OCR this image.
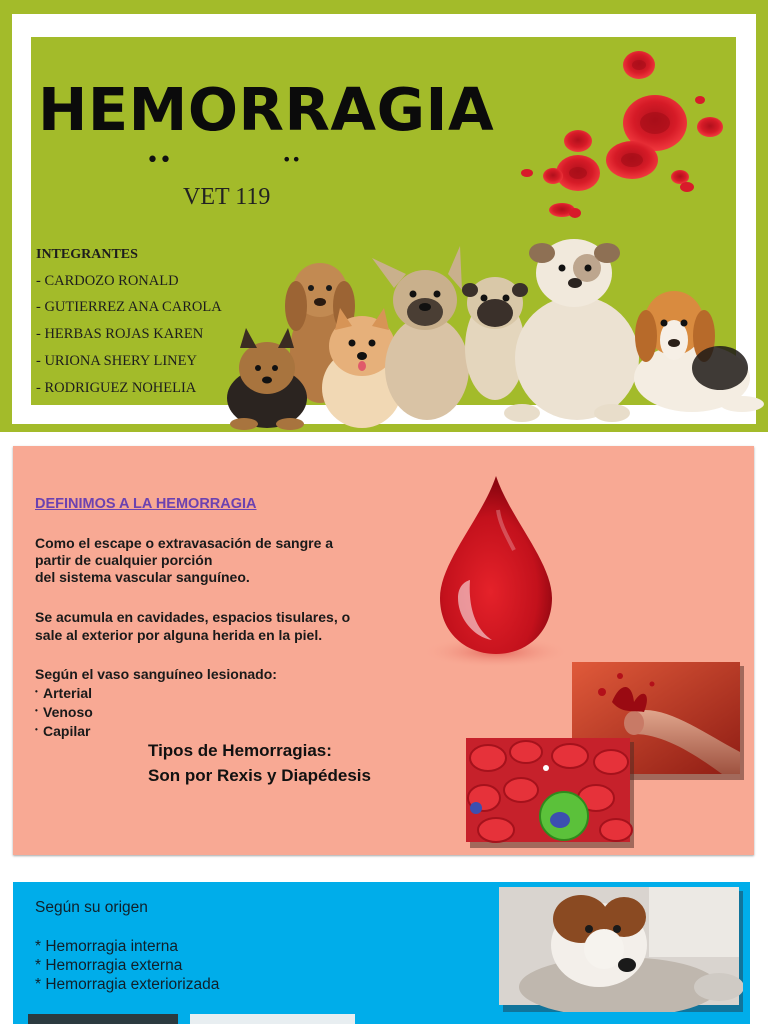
HEMORRAGIA
••	••
VET 119
INTEGRANTES
- CARDOZO RONALD
- GUTIERREZ ANA CAROLA
- HERBAS ROJAS KAREN
- URIONA SHERY LINEY
- RODRIGUEZ NOHELIA
DEFINIMOS A LA HEMORRAGIA
Como el escape o extravasación de sangre a
partir de cualquier porción
del sistema vascular sanguíneo.
Se acumula en cavidades, espacios tisulares, o
sale al exterior por alguna herida en la piel.
Según el vaso sanguíneo lesionado:
• Arterial
• Venoso
• Capilar
Tipos de Hemorragias:
Son por Rexis y Diapédesis
Según su origen
* Hemorragia interna
* Hemorragia externa
* Hemorragia exteriorizada
